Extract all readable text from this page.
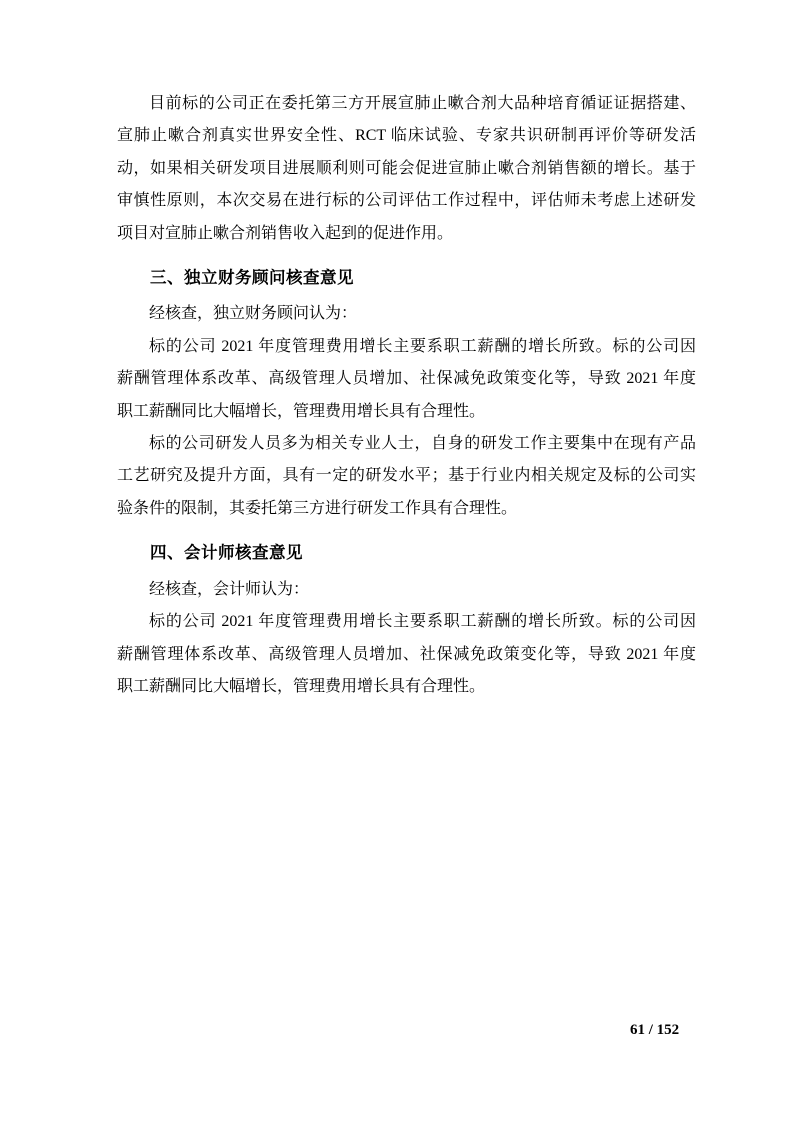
目前标的公司正在委托第三方开展宣肺止嗽合剂大品种培育循证证据搭建、
宣肺止嗽合剂真实世界安全性、RCT 临床试验、专家共识研制再评价等研发活
动，如果相关研发项目进展顺利则可能会促进宣肺止嗽合剂销售额的增长。基于
审慎性原则，本次交易在进行标的公司评估工作过程中，评估师未考虑上述研发
项目对宣肺止嗽合剂销售收入起到的促进作用。
三、独立财务顾问核查意见
经核查，独立财务顾问认为：
标的公司 2021 年度管理费用增长主要系职工薪酬的增长所致。标的公司因
薪酬管理体系改革、高级管理人员增加、社保减免政策变化等，导致 2021 年度
职工薪酬同比大幅增长，管理费用增长具有合理性。
标的公司研发人员多为相关专业人士，自身的研发工作主要集中在现有产品
工艺研究及提升方面，具有一定的研发水平；基于行业内相关规定及标的公司实
验条件的限制，其委托第三方进行研发工作具有合理性。
四、会计师核查意见
经核查，会计师认为：
标的公司 2021 年度管理费用增长主要系职工薪酬的增长所致。标的公司因
薪酬管理体系改革、高级管理人员增加、社保减免政策变化等，导致 2021 年度
职工薪酬同比大幅增长，管理费用增长具有合理性。
61 / 152
